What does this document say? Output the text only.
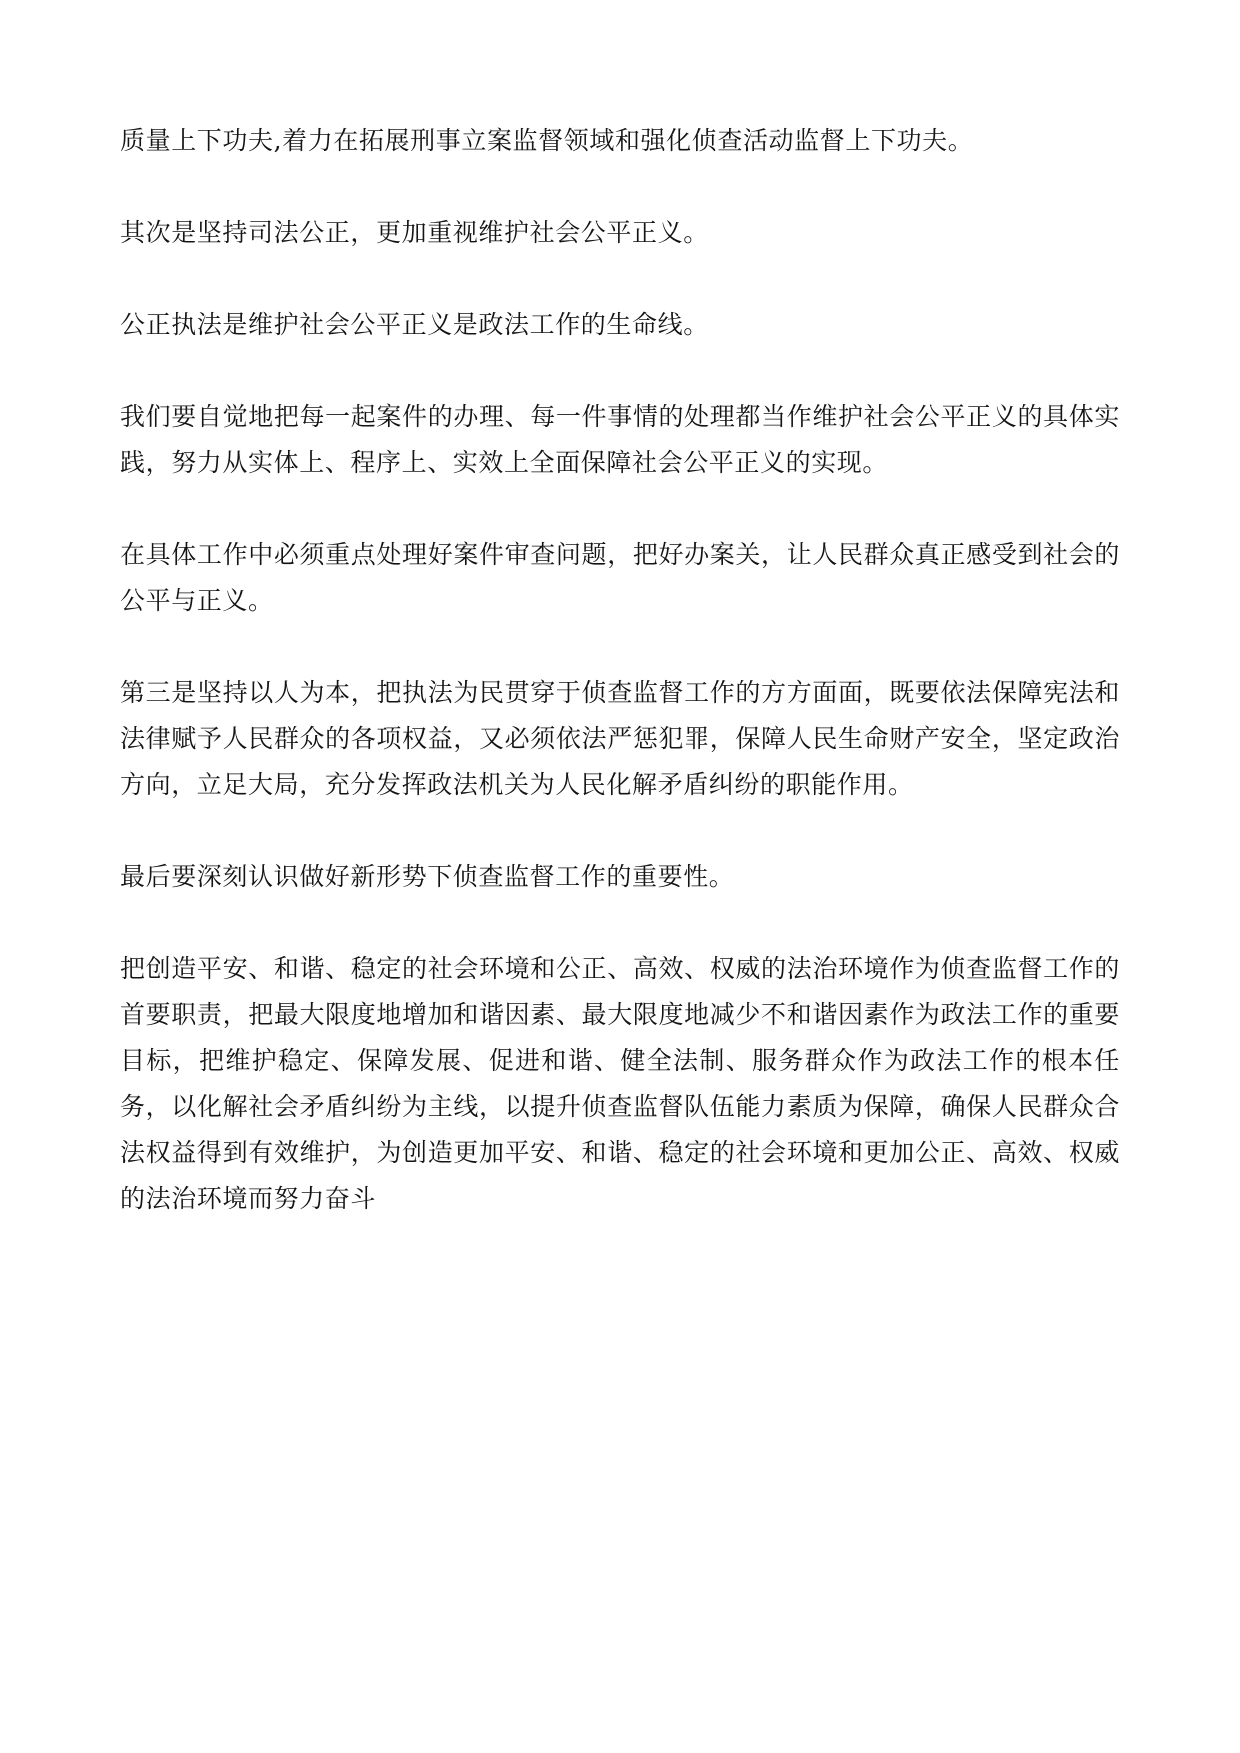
质量上下功夫,着力在拓展刑事立案监督领域和强化侦查活动监督上下功夫。

其次是坚持司法公正，更加重视维护社会公平正义。

公正执法是维护社会公平正义是政法工作的生命线。

我们要自觉地把每一起案件的办理、每一件事情的处理都当作维护社会公平正义的具体实践，努力从实体上、程序上、实效上全面保障社会公平正义的实现。

在具体工作中必须重点处理好案件审查问题，把好办案关，让人民群众真正感受到社会的公平与正义。

第三是坚持以人为本，把执法为民贯穿于侦查监督工作的方方面面，既要依法保障宪法和法律赋予人民群众的各项权益，又必须依法严惩犯罪，保障人民生命财产安全，坚定政治方向，立足大局，充分发挥政法机关为人民化解矛盾纠纷的职能作用。

最后要深刻认识做好新形势下侦查监督工作的重要性。

把创造平安、和谐、稳定的社会环境和公正、高效、权威的法治环境作为侦查监督工作的首要职责，把最大限度地增加和谐因素、最大限度地减少不和谐因素作为政法工作的重要目标，把维护稳定、保障发展、促进和谐、健全法制、服务群众作为政法工作的根本任务，以化解社会矛盾纠纷为主线，以提升侦查监督队伍能力素质为保障，确保人民群众合法权益得到有效维护，为创造更加平安、和谐、稳定的社会环境和更加公正、高效、权威的法治环境而努力奋斗
